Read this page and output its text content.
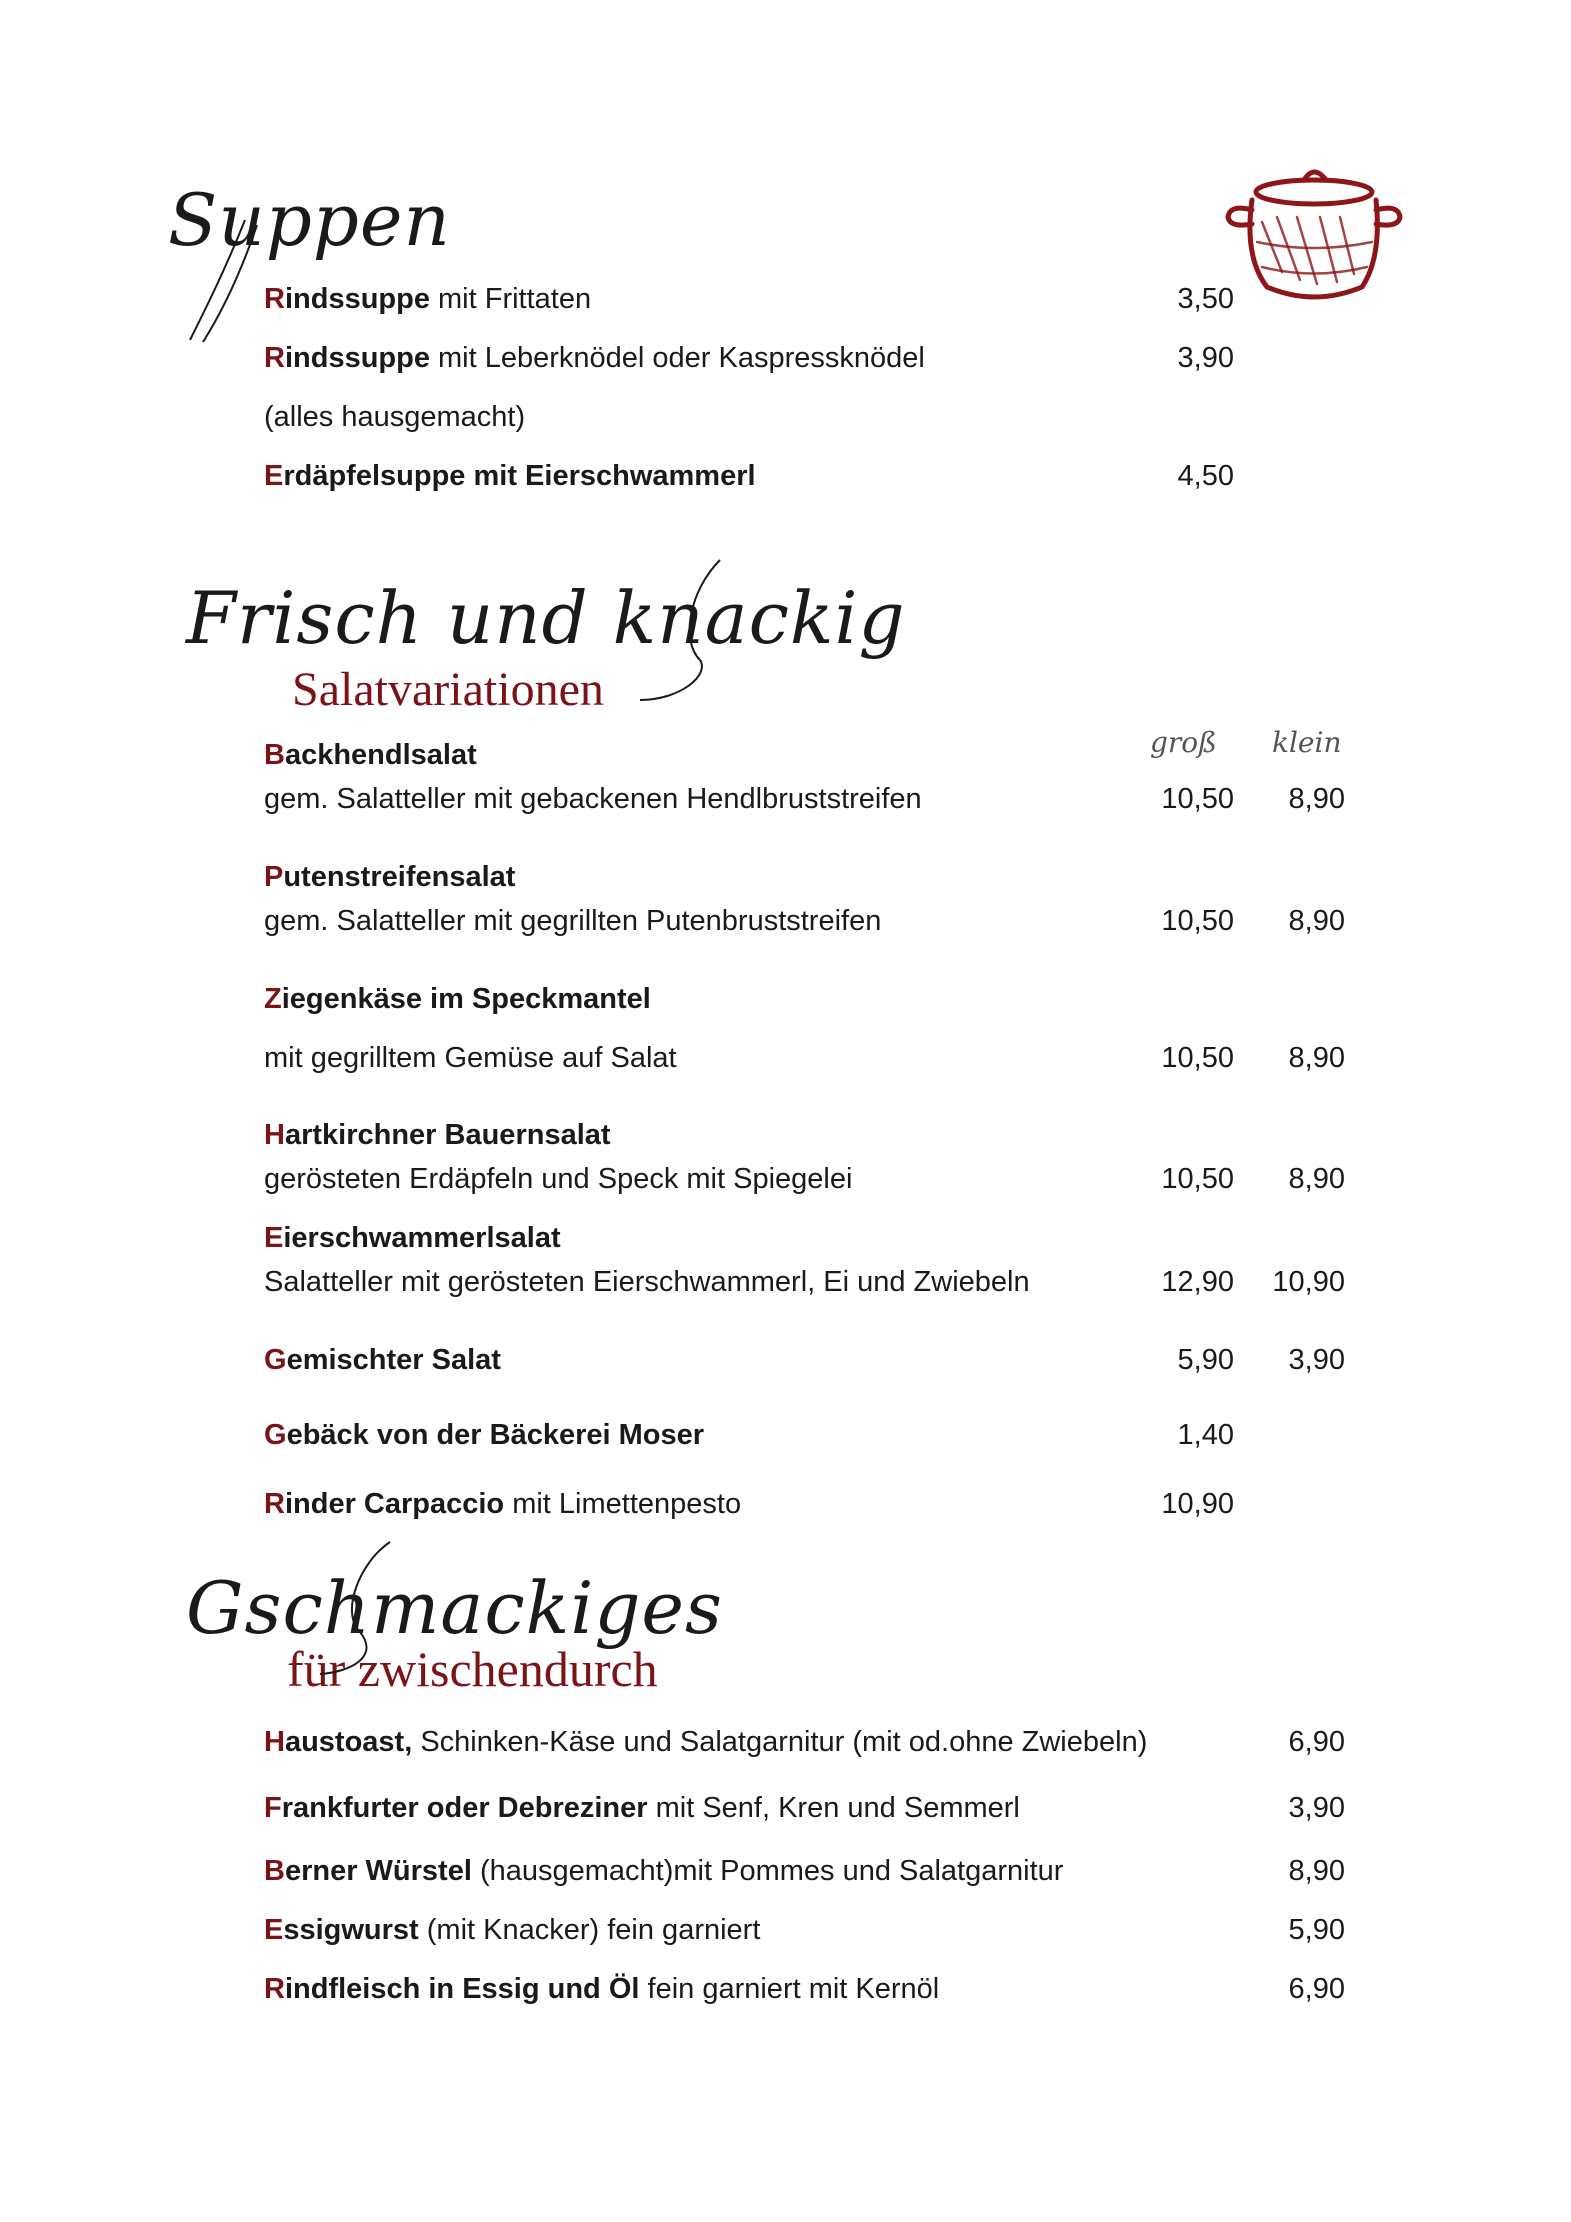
Suppen
Rindssuppe mit Frittaten	3,50
Rindssuppe mit Leberknödel oder Kaspressknödel	3,90
(alles hausgemacht)
Erdäpfelsuppe mit Eierschwammerl	4,50
Frisch und knackig
Salatvariationen
groß klein
Backhendlsalat
gem. Salatteller mit gebackenen Hendlbruststreifen	10,50 8,90
Putenstreifensalat
gem. Salatteller mit gegrillten Putenbruststreifen	10,50 8,90
Ziegenkäse im Speckmantel
mit gegrilltem Gemüse auf Salat	10,50 8,90
Hartkirchner Bauernsalat
gerösteten Erdäpfeln und Speck mit Spiegelei	10,50 8,90
Eierschwammerlsalat
Salatteller mit gerösteten Eierschwammerl, Ei und Zwiebeln	12,90 10,90
Gemischter Salat	5,90 3,90
Gebäck von der Bäckerei Moser	1,40
Rinder Carpaccio mit Limettenpesto	10,90
Gschmackiges
für zwischendurch
Haustoast, Schinken-Käse und Salatgarnitur (mit od.ohne Zwiebeln)	6,90
Frankfurter oder Debreziner mit Senf, Kren und Semmerl	3,90
Berner Würstel (hausgemacht)mit Pommes und Salatgarnitur	8,90
Essigwurst (mit Knacker) fein garniert	5,90
Rindfleisch in Essig und Öl fein garniert mit Kernöl	6,90
